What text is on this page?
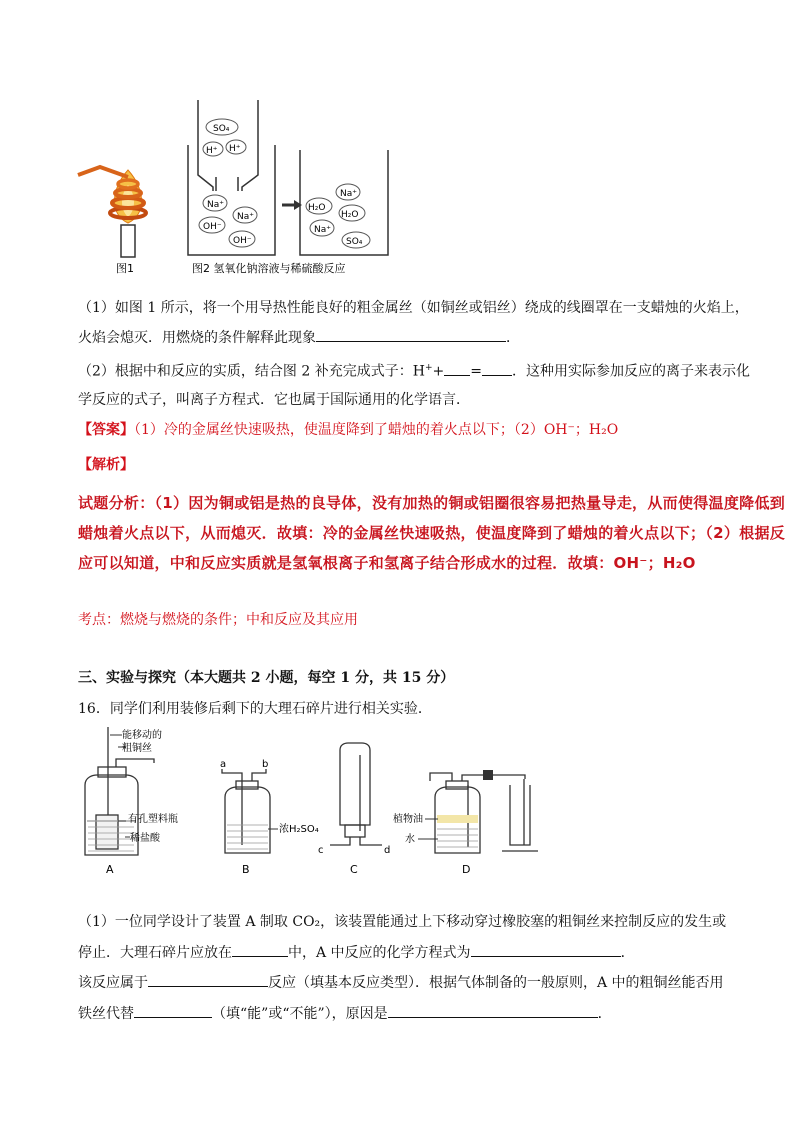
图1
SO₄
H⁺ H⁺
Na⁺
Na⁺
OH⁻
OH⁻
Na⁺
H₂O
H₂O
Na⁺
SO₄
图2 氢氧化钠溶液与稀硫酸反应
（1）如图 1 所示，将一个用导热性能良好的粗金属丝（如铜丝或铝丝）绕成的线圈罩在一支蜡烛的火焰上，
火焰会熄灭．用燃烧的条件解释此现象	．
（2）根据中和反应的实质，结合图 2 补充完成式子：H++ = ．这种用实际参加反应的离子来表示化
学反应的式子，叫离子方程式．它也属于国际通用的化学语言．
【答案】（1）冷的金属丝快速吸热，使温度降到了蜡烛的着火点以下；（2）OH⁻；H₂O
【解析】
试题分析：（1）因为铜或铝是热的良导体，没有加热的铜或铝圈很容易把热量导走，从而使得温度降低到
蜡烛着火点以下，从而熄灭．故填：冷的金属丝快速吸热，使温度降到了蜡烛的着火点以下；（2）根据反
应可以知道，中和反应实质就是氢氧根离子和氢离子结合形成水的过程．故填：OH⁻；H₂O
考点：燃烧与燃烧的条件；中和反应及其应用
三、实验与探究（本大题共 2 小题，每空 1 分，共 15 分）
16．同学们利用装修后剩下的大理石碎片进行相关实验．
能移动的
粗铜丝
有孔塑料瓶
稀盐酸
A
a	b
浓H₂SO₄
B
c	d
C
植物油
水
D
（1）一位同学设计了装置 A 制取 CO₂，该装置能通过上下移动穿过橡胶塞的粗铜丝来控制反应的发生或
停止．大理石碎片应放在	中，A 中反应的化学方程式为	．
该反应属于	反应（填基本反应类型）．根据气体制备的一般原则，A 中的粗铜丝能否用
铁丝代替	（填“能”或“不能”），原因是	．
